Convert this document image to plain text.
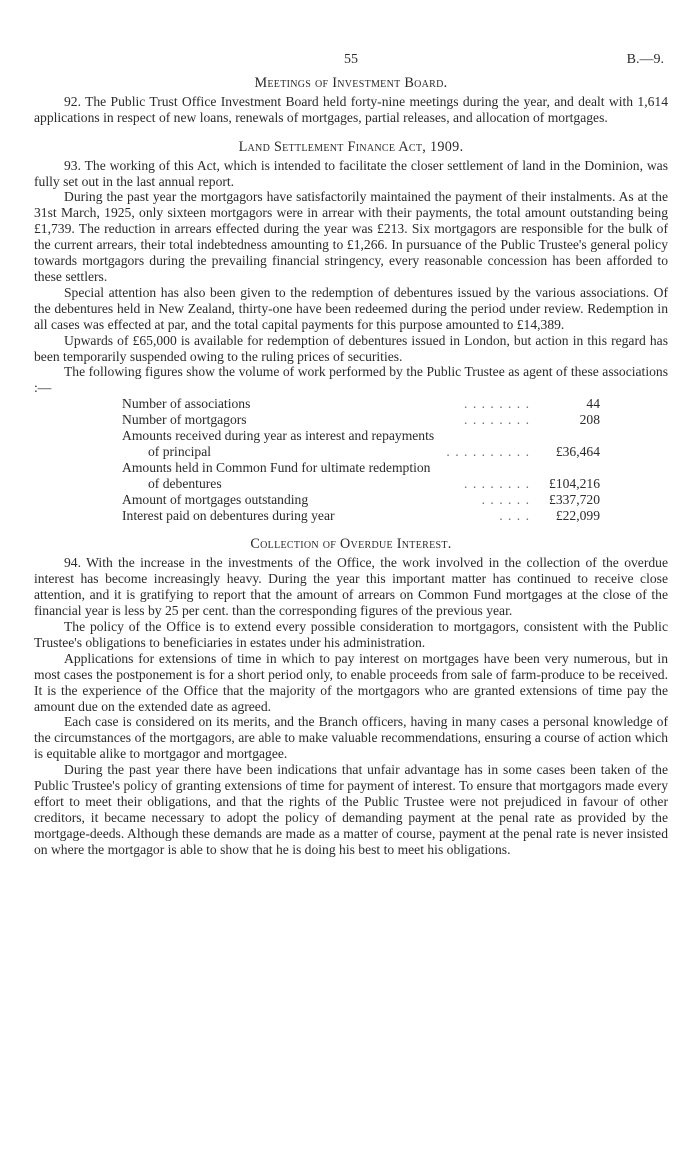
55	B.—9.
Meetings of Investment Board.

92. The Public Trust Office Investment Board held forty-nine meetings during the year, and dealt with 1,614 applications in respect of new loans, renewals of mortgages, partial releases, and allocation of mortgages.

Land Settlement Finance Act, 1909.

93. The working of this Act, which is intended to facilitate the closer settlement of land in the Dominion, was fully set out in the last annual report.

During the past year the mortgagors have satisfactorily maintained the payment of their instalments. As at the 31st March, 1925, only sixteen mortgagors were in arrear with their payments, the total amount outstanding being £1,739. The reduction in arrears effected during the year was £213. Six mortgagors are responsible for the bulk of the current arrears, their total indebtedness amounting to £1,266. In pursuance of the Public Trustee's general policy towards mortgagors during the prevailing financial stringency, every reasonable concession has been afforded to these settlers.

Special attention has also been given to the redemption of debentures issued by the various associations. Of the debentures held in New Zealand, thirty-one have been redeemed during the period under review. Redemption in all cases was effected at par, and the total capital payments for this purpose amounted to £14,389.

Upwards of £65,000 is available for redemption of debentures issued in London, but action in this regard has been temporarily suspended owing to the ruling prices of securities.

The following figures show the volume of work performed by the Public Trustee as agent of these associations :—

Number of associations	. . . . . . . .	44
Number of mortgagors	. . . . . . . .	208
Amounts received during year as interest and repayments
of principal	. . . . . . . . . .	£36,464
Amounts held in Common Fund for ultimate redemption
of debentures	. . . . . . . .	£104,216
Amount of mortgages outstanding	. . . . . .	£337,720
Interest paid on debentures during year	. . . .	£22,099
Collection of Overdue Interest.

94. With the increase in the investments of the Office, the work involved in the collection of the overdue interest has become increasingly heavy. During the year this important matter has continued to receive close attention, and it is gratifying to report that the amount of arrears on Common Fund mortgages at the close of the financial year is less by 25 per cent. than the corresponding figures of the previous year.

The policy of the Office is to extend every possible consideration to mortgagors, consistent with the Public Trustee's obligations to beneficiaries in estates under his administration.

Applications for extensions of time in which to pay interest on mortgages have been very numerous, but in most cases the postponement is for a short period only, to enable proceeds from sale of farm-produce to be received. It is the experience of the Office that the majority of the mortgagors who are granted extensions of time pay the amount due on the extended date as agreed.

Each case is considered on its merits, and the Branch officers, having in many cases a personal knowledge of the circumstances of the mortgagors, are able to make valuable recommendations, ensuring a course of action which is equitable alike to mortgagor and mortgagee.

During the past year there have been indications that unfair advantage has in some cases been taken of the Public Trustee's policy of granting extensions of time for payment of interest. To ensure that mortgagors made every effort to meet their obligations, and that the rights of the Public Trustee were not prejudiced in favour of other creditors, it became necessary to adopt the policy of demanding payment at the penal rate as provided by the mortgage-deeds. Although these demands are made as a matter of course, payment at the penal rate is never insisted on where the mortgagor is able to show that he is doing his best to meet his obligations.
